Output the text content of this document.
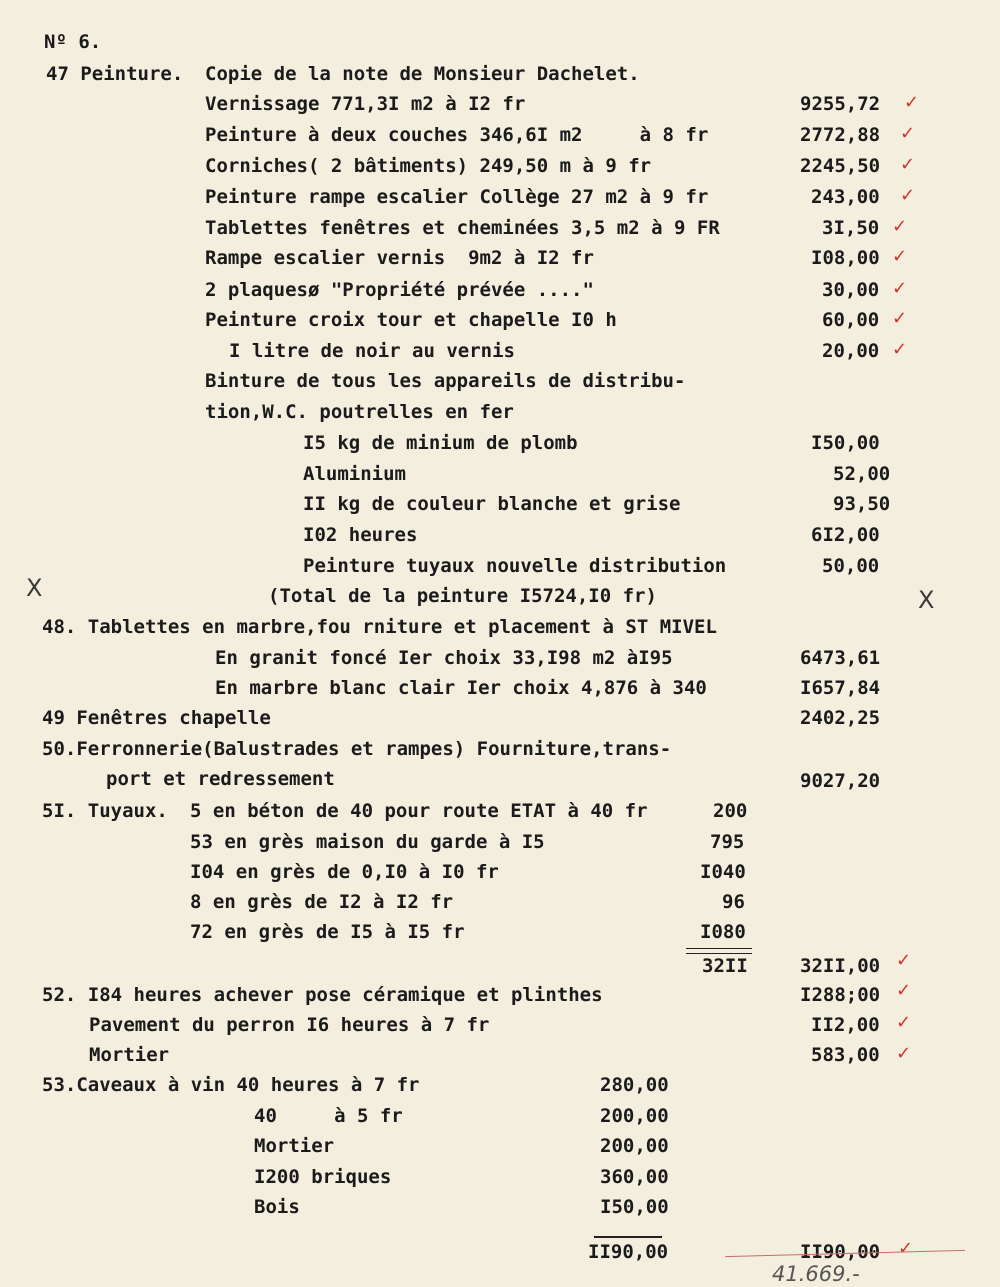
Nº 6.
47 Peinture. Copie de la note de Monsieur Dachelet.
Vernissage 771,3I m2 à I2 fr	9255,72
Peinture à deux couches 346,6I m2     à 8 fr	2772,88
Corniches( 2 bâtiments) 249,50 m à 9 fr	2245,50
Peinture rampe escalier Collège 27 m2 à 9 fr	243,00
Tablettes fenêtres et cheminées 3,5 m2 à 9 FR	3I,50
Rampe escalier vernis  9m2 à I2 fr	I08,00
2 plaquesø "Propriété prévée ...."	30,00
Peinture croix tour et chapelle I0 h	60,00
I litre de noir au vernis	20,00
Binture de tous les appareils de distribu-
tion,W.C. poutrelles en fer
I5 kg de minium de plomb	I50,00
Aluminium	52,00
II kg de couleur blanche et grise	93,50
I02 heures	6I2,00
Peinture tuyaux nouvelle distribution	50,00
(Total de la peinture I5724,I0 fr)
48. Tablettes en marbre,fou rniture et placement à ST MIVEL
En granit foncé Ier choix 33,I98 m2 àI95	6473,61
En marbre blanc clair Ier choix 4,876 à 340	I657,84
49 Fenêtres chapelle	2402,25
50.Ferronnerie(Balustrades et rampes) Fourniture,trans-
port et redressement	9027,20
5I. Tuyaux. 5 en béton de 40 pour route ETAT à 40 fr	200
53 en grès maison du garde à I5	795
I04 en grès de 0,I0 à I0 fr	I040
8 en grès de I2 à I2 fr	96
72 en grès de I5 à I5 fr	I080
32II	32II,00
52. I84 heures achever pose céramique et plinthes	I288;00
Pavement du perron I6 heures à 7 fr	II2,00
Mortier	583,00
53.Caveaux à vin 40 heures à 7 fr	280,00
40     à 5 fr	200,00
Mortier	200,00
I200 briques	360,00
Bois	I50,00
II90,00	II90,00
✓
✓
✓
✓
✓
✓
✓
✓
✓
✓
✓
✓
✓
✓
X	X
41.669.-
